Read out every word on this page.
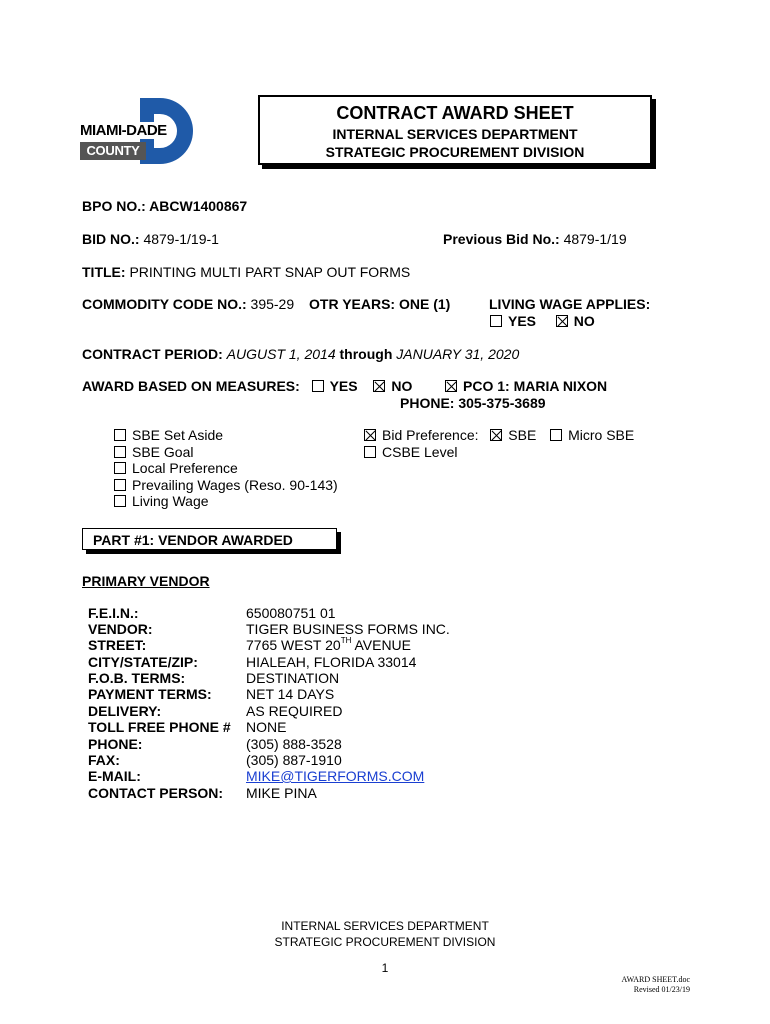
MIAMI-DADE
COUNTY
CONTRACT AWARD SHEET
INTERNAL SERVICES DEPARTMENT
STRATEGIC PROCUREMENT DIVISION
BPO NO.: ABCW1400867
BID NO.: 4879-1/19-1	Previous Bid No.: 4879-1/19
TITLE: PRINTING MULTI PART SNAP OUT FORMS
COMMODITY CODE NO.: 395-29 OTR YEARS: ONE (1)	LIVING WAGE APPLIES:
YES	NO
CONTRACT PERIOD: AUGUST 1, 2014 through JANUARY 31, 2020
AWARD BASED ON MEASURES: YES NO	PCO 1: MARIA NIXON
PHONE: 305-375-3689
SBE Set Aside
SBE Goal
Local Preference
Prevailing Wages (Reso. 90-143)
Living Wage
Bid Preference: SBE Micro SBE
CSBE Level
PART #1: VENDOR AWARDED
PRIMARY VENDOR
F.E.I.N.:	650080751 01
VENDOR:	TIGER BUSINESS FORMS INC.
STREET:	7765 WEST 20TH AVENUE
CITY/STATE/ZIP:	HIALEAH, FLORIDA 33014
F.O.B. TERMS:	DESTINATION
PAYMENT TERMS: NET 14 DAYS
DELIVERY:	AS REQUIRED
TOLL FREE PHONE # NONE
PHONE:	(305) 888-3528
FAX:	(305) 887-1910
E-MAIL:	MIKE@TIGERFORMS.COM
CONTACT PERSON: MIKE PINA
INTERNAL SERVICES DEPARTMENT
STRATEGIC PROCUREMENT DIVISION
1
AWARD SHEET.doc
Revised 01/23/19
